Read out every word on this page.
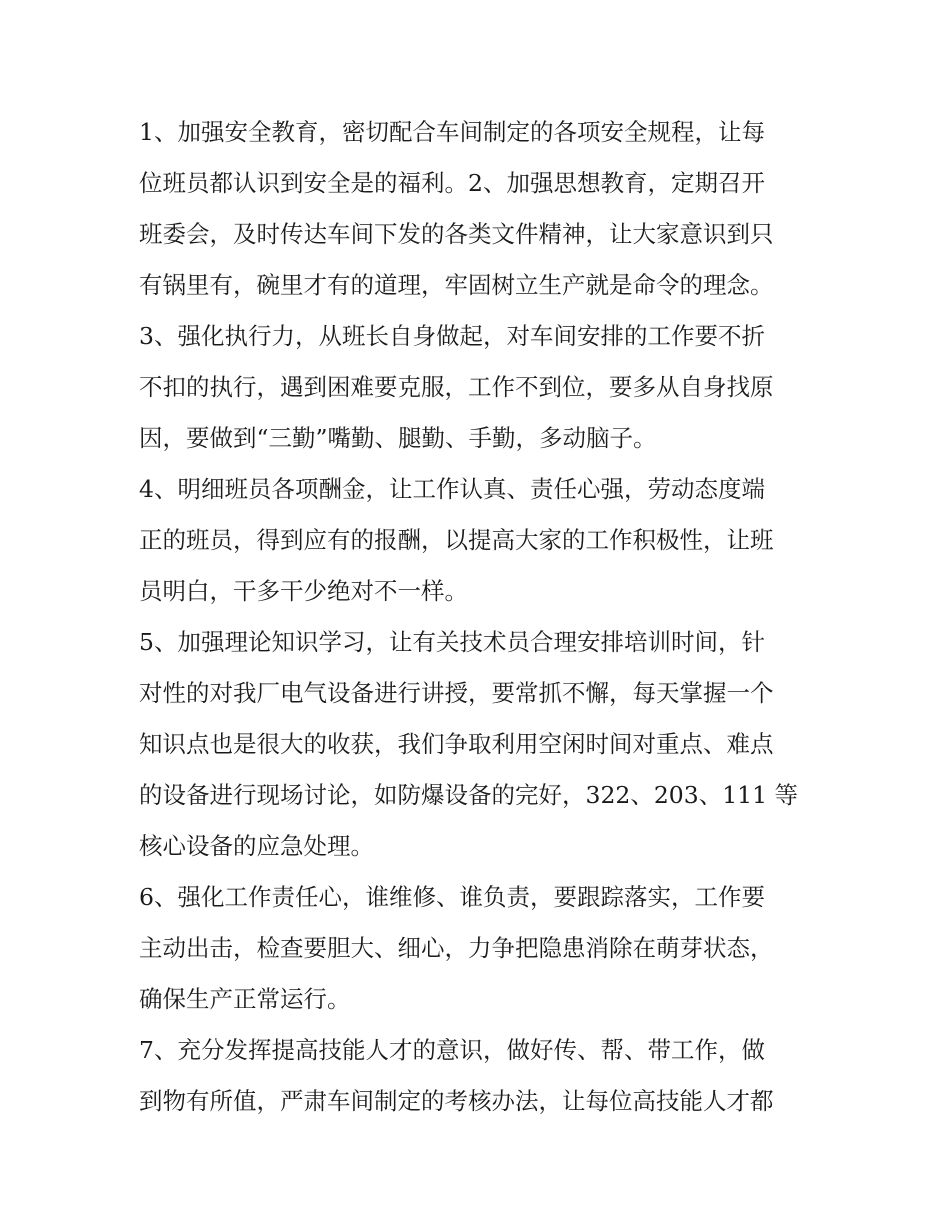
1、加强安全教育，密切配合车间制定的各项安全规程，让每
位班员都认识到安全是的福利。2、加强思想教育，定期召开
班委会，及时传达车间下发的各类文件精神，让大家意识到只
有锅里有，碗里才有的道理，牢固树立生产就是命令的理念。
3、强化执行力，从班长自身做起，对车间安排的工作要不折
不扣的执行，遇到困难要克服，工作不到位，要多从自身找原
因，要做到“三勤”嘴勤、腿勤、手勤，多动脑子。
4、明细班员各项酬金，让工作认真、责任心强，劳动态度端
正的班员，得到应有的报酬，以提高大家的工作积极性，让班
员明白，干多干少绝对不一样。
5、加强理论知识学习，让有关技术员合理安排培训时间，针
对性的对我厂电气设备进行讲授，要常抓不懈，每天掌握一个
知识点也是很大的收获，我们争取利用空闲时间对重点、难点
的设备进行现场讨论，如防爆设备的完好，322、203、111 等
核心设备的应急处理。
6、强化工作责任心，谁维修、谁负责，要跟踪落实，工作要
主动出击，检查要胆大、细心，力争把隐患消除在萌芽状态，
确保生产正常运行。
7、充分发挥提高技能人才的意识，做好传、帮、带工作，做
到物有所值，严肃车间制定的考核办法，让每位高技能人才都
